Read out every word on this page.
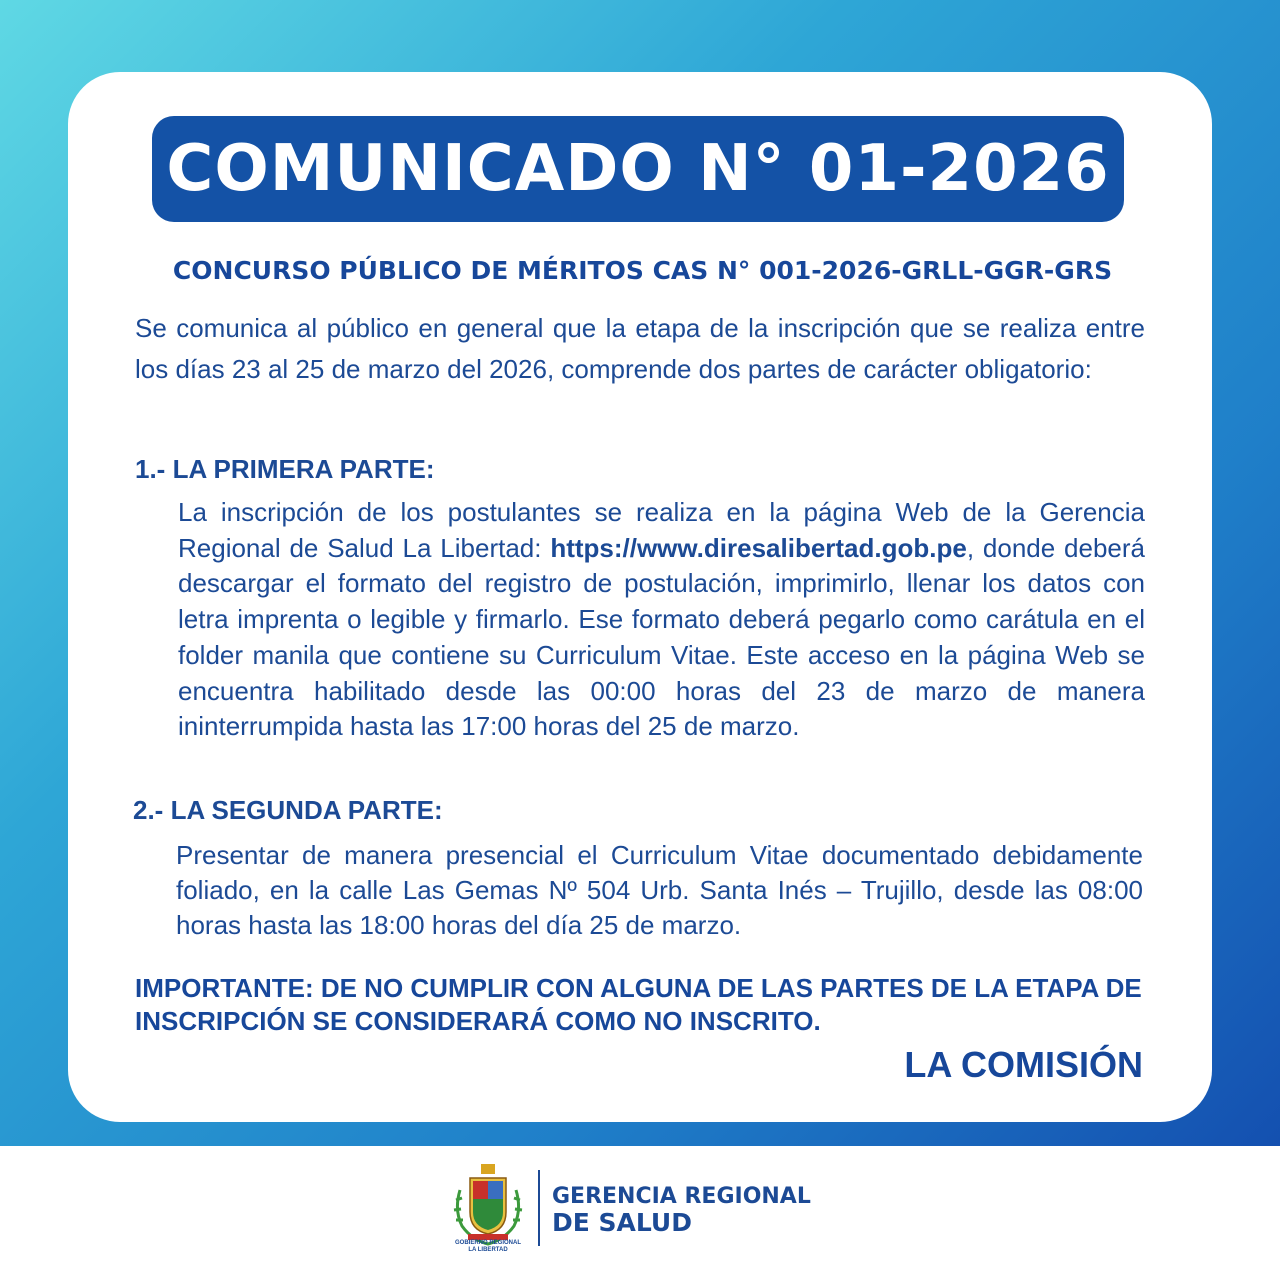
COMUNICADO N° 01-2026
CONCURSO PÚBLICO DE MÉRITOS CAS N° 001-2026-GRLL-GGR-GRS
Se comunica al público en general que la etapa de la inscripción que se realiza entre los días 23 al 25 de marzo del 2026, comprende dos partes de carácter obligatorio:
1.- LA PRIMERA PARTE:
La inscripción de los postulantes se realiza en la página Web de la Gerencia Regional de Salud La Libertad: https://www.diresalibertad.gob.pe, donde deberá descargar el formato del registro de postulación, imprimirlo, llenar los datos con letra imprenta o legible y firmarlo. Ese formato deberá pegarlo como carátula en el folder manila que contiene su Curriculum Vitae. Este acceso en la página Web se encuentra habilitado desde las 00:00 horas del 23 de marzo de manera ininterrumpida hasta las 17:00 horas del 25 de marzo.
2.- LA SEGUNDA PARTE:
Presentar de manera presencial el Curriculum Vitae documentado debidamente foliado, en la calle Las Gemas Nº 504 Urb. Santa Inés – Trujillo, desde las 08:00 horas hasta las 18:00 horas del día 25 de marzo.
IMPORTANTE: DE NO CUMPLIR CON ALGUNA DE LAS PARTES DE LA ETAPA DE INSCRIPCIÓN SE CONSIDERARÁ COMO NO INSCRITO.
LA COMISIÓN
GOBIERNO REGIONAL
LA LIBERTAD
GERENCIA REGIONAL
DE SALUD
